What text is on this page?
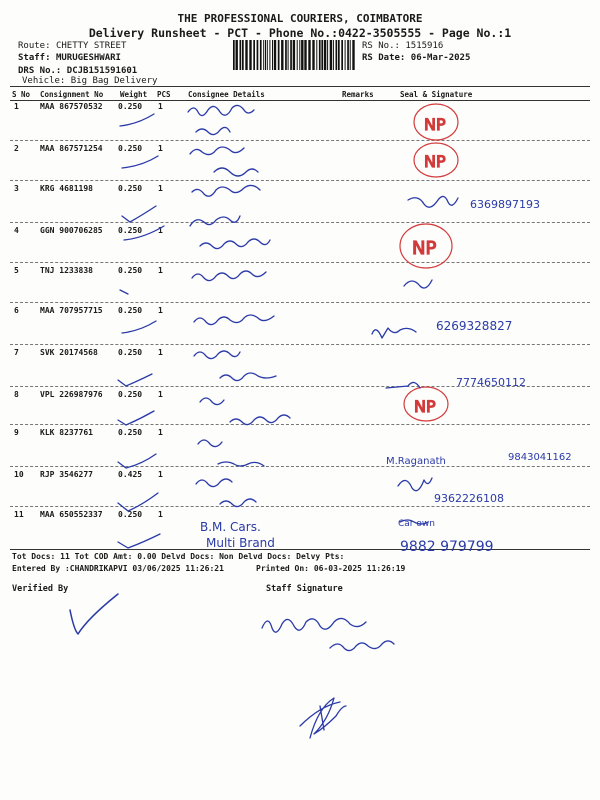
THE PROFESSIONAL COURIERS, COIMBATORE
Delivery Runsheet - PCT - Phone No.:0422-3505555 - Page No.:1
Route: CHETTY STREET
Staff: MURUGESHWARI
DRS No.: DCJB151591601
Vehicle: Big Bag Delivery
RS No.: 1515916
RS Date: 06-Mar-2025
S No Consignment No Weight PCS Consignee Details	Remarks	Seal & Signature
1	MAA 867570532 0.250 1
2	MAA 867571254 0.250 1
3	KRG 4681198	0.250 1
4	GGN 900706285 0.250 1
5	TNJ 1233838	0.250 1
6	MAA 707957715 0.250 1
7	SVK 20174568	0.250 1
8	VPL 226987976 0.250 1
9	KLK 8237761	0.250 1
10 RJP 3546277	0.425 1
11 MAA 650552337 0.250 1
Tot Docs: 11 Tot COD Amt: 0.00 Delvd Docs: Non Delvd Docs: Delvy Pts:
Entered By :CHANDRIKAPVI 03/06/2025 11:26:21	Printed On: 06-03-2025 11:26:19
Verified By	Staff Signature
B.M. Cars.
Multi Brand
NP
NP
NP
NP
6369897193
6269328827
7774650112
M.Raganath	9843041162
9362226108
Car own
9882 979799
